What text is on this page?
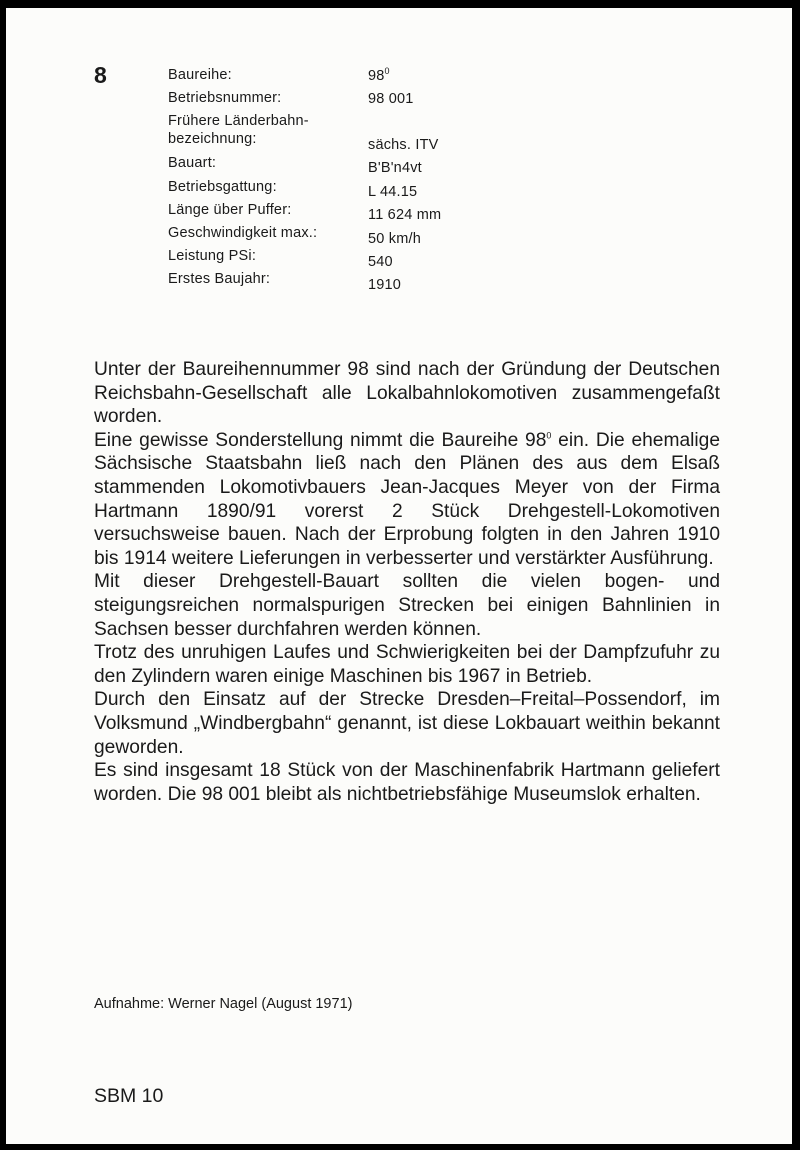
8	Baureihe:	$98^0$
Betriebsnummer:	98 001
Frühere Länderbahn-
bezeichnung:	sächs. ITV
Bauart:	B'B'n4vt
Betriebsgattung:	L 44.15
Länge über Puffer:	11 624 mm
Geschwindigkeit max.:	50 km/h
Leistung PSi:	540
Erstes Baujahr:	1910

Unter der Baureihennummer 98 sind nach der Gründung der Deutschen Reichsbahn-Gesellschaft alle Lokalbahnlokomotiven zusammengefaßt worden.

Eine gewisse Sonderstellung nimmt die Baureihe $98^0$ ein. Die ehemalige Sächsische Staatsbahn ließ nach den Plänen des aus dem Elsaß stammenden Lokomotivbauers Jean-Jacques Meyer von der Firma Hartmann 1890/91 vorerst 2 Stück Drehgestell-Lokomotiven versuchsweise bauen. Nach der Erprobung folgten in den Jahren 1910 bis 1914 weitere Lieferungen in verbesserter und verstärkter Ausführung.

Mit dieser Drehgestell-Bauart sollten die vielen bogen- und steigungsreichen normalspurigen Strecken bei einigen Bahnlinien in Sachsen besser durchfahren werden können.

Trotz des unruhigen Laufes und Schwierigkeiten bei der Dampfzufuhr zu den Zylindern waren einige Maschinen bis 1967 in Betrieb.

Durch den Einsatz auf der Strecke Dresden–Freital–Possendorf, im Volksmund „Windbergbahn“ genannt, ist diese Lokbauart weithin bekannt geworden.

Es sind insgesamt 18 Stück von der Maschinenfabrik Hartmann geliefert worden. Die 98 001 bleibt als nichtbetriebsfähige Museumslok erhalten.

Aufnahme: Werner Nagel (August 1971)
SBM 10
